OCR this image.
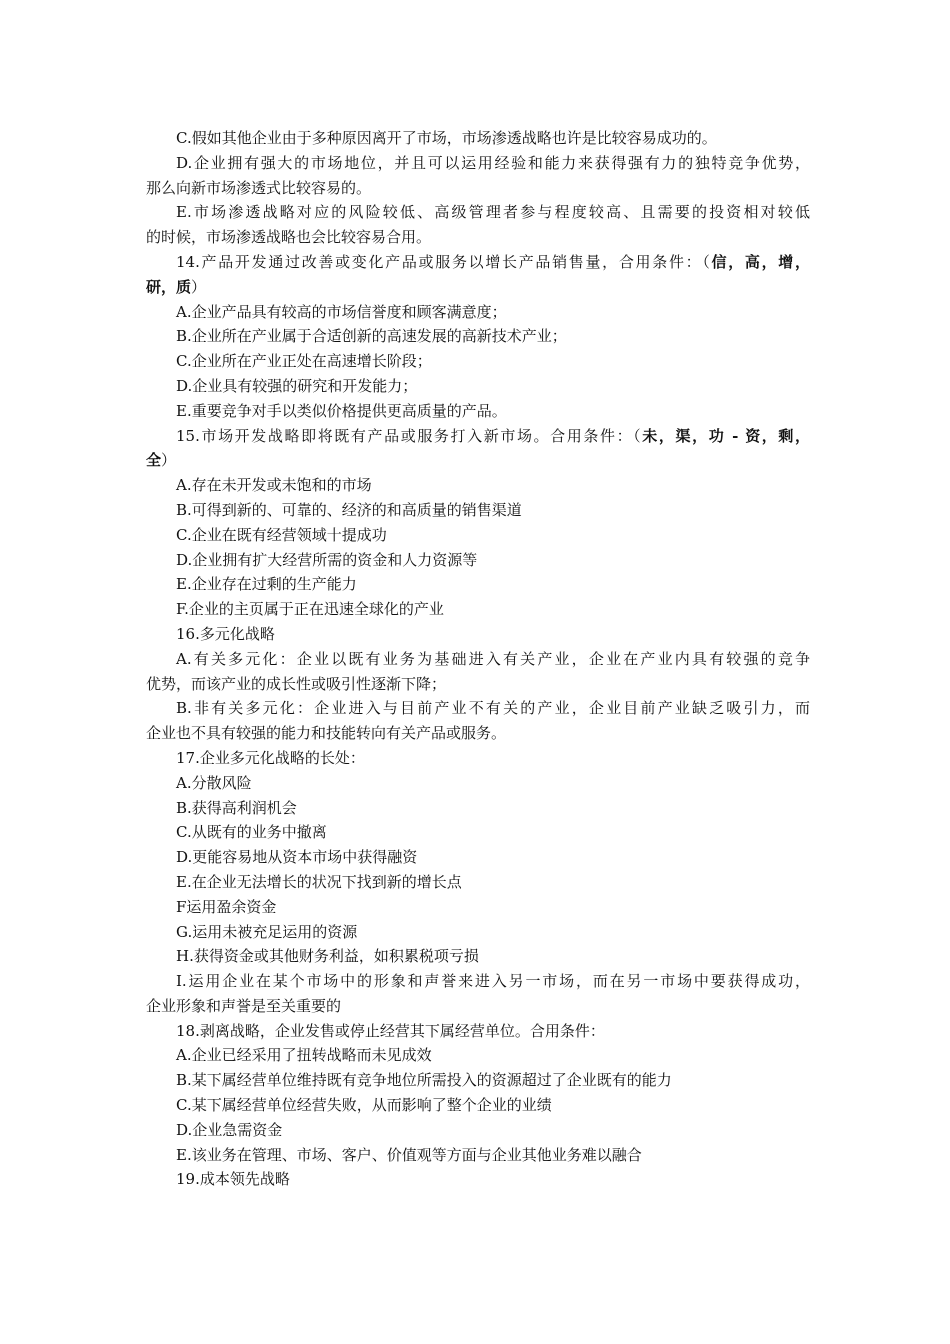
C.假如其他企业由于多种原因离开了市场，市场渗透战略也许是比较容易成功的。
D.企业拥有强大的市场地位，并且可以运用经验和能力来获得强有力的独特竞争优势，
那么向新市场渗透式比较容易的。
E.市场渗透战略对应的风险较低、高级管理者参与程度较高、且需要的投资相对较低
的时候，市场渗透战略也会比较容易合用。
14.产品开发通过改善或变化产品或服务以增长产品销售量，合用条件：（信，高，增，
研，质）
A.企业产品具有较高的市场信誉度和顾客满意度；
B.企业所在产业属于合适创新的高速发展的高新技术产业；
C.企业所在产业正处在高速增长阶段；
D.企业具有较强的研究和开发能力；
E.重要竞争对手以类似价格提供更高质量的产品。
15.市场开发战略即将既有产品或服务打入新市场。合用条件：（未，渠，功 - 资，剩，
全）
A.存在未开发或未饱和的市场
B.可得到新的、可靠的、经济的和高质量的销售渠道
C.企业在既有经营领域十提成功
D.企业拥有扩大经营所需的资金和人力资源等
E.企业存在过剩的生产能力
F.企业的主页属于正在迅速全球化的产业
16.多元化战略
A.有关多元化：企业以既有业务为基础进入有关产业，企业在产业内具有较强的竞争
优势，而该产业的成长性或吸引性逐渐下降；
B.非有关多元化：企业进入与目前产业不有关的产业，企业目前产业缺乏吸引力，而
企业也不具有较强的能力和技能转向有关产品或服务。
17.企业多元化战略的长处：
A.分散风险
B.获得高利润机会
C.从既有的业务中撤离
D.更能容易地从资本市场中获得融资
E.在企业无法增长的状况下找到新的增长点
F运用盈余资金
G.运用未被充足运用的资源
H.获得资金或其他财务利益，如积累税项亏损
I.运用企业在某个市场中的形象和声誉来进入另一市场，而在另一市场中要获得成功，
企业形象和声誉是至关重要的
18.剥离战略，企业发售或停止经营其下属经营单位。合用条件：
A.企业已经采用了扭转战略而未见成效
B.某下属经营单位维持既有竞争地位所需投入的资源超过了企业既有的能力
C.某下属经营单位经营失败，从而影响了整个企业的业绩
D.企业急需资金
E.该业务在管理、市场、客户、价值观等方面与企业其他业务难以融合
19.成本领先战略
